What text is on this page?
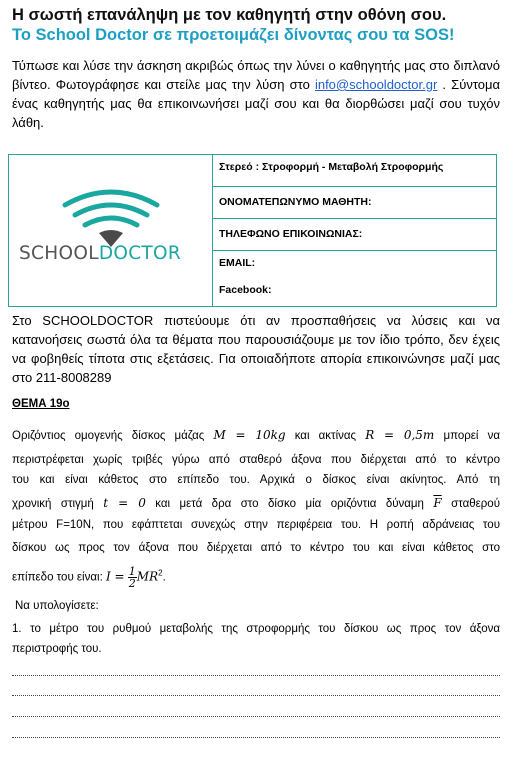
Η σωστή επανάληψη με τον καθηγητή στην οθόνη σου.
Το School Doctor σε προετοιμάζει δίνοντας σου τα SOS!
Τύπωσε και λύσε την άσκηση ακριβώς όπως την λύνει ο καθηγητής μας στο διπλανό βίντεο. Φωτογράφησε και στείλε μας την λύση στο info@schooldoctor.gr . Σύντομα ένας καθηγητής μας θα επικοινωνήσει μαζί σου και θα διορθώσει μαζί σου τυχόν λάθη.
SCHOOLDOCTOR
Στερεό : Στροφορμή - Μεταβολή Στροφορμής
ΟΝΟΜΑΤΕΠΩΝΥΜΟ ΜΑΘΗΤΗ:
ΤΗΛΕΦΩΝΟ ΕΠΙΚΟΙΝΩΝΙΑΣ:
EMAIL:
Facebook:
Στο SCHOOLDOCTOR πιστεύουμε ότι αν προσπαθήσεις να λύσεις και να κατανοήσεις σωστά όλα τα θέματα που παρουσιάζουμε με τον ίδιο τρόπο, δεν έχεις να φοβηθείς τίποτα στις εξετάσεις. Για οποιαδήποτε απορία επικοινώνησε μαζί μας στο 211-8008289
ΘΕΜΑ 19ο
Οριζόντιος ομογενής δίσκος μάζας M = 10kg και ακτίνας R = 0,5m μπορεί να
περιστρέφεται χωρίς τριβές γύρω από σταθερό άξονα που διέρχεται από το κέντρο
του και είναι κάθετος στο επίπεδο του. Αρχικά ο δίσκος είναι ακίνητος. Από τη
χρονική στιγμή t = 0 και μετά δρα στο δίσκο μία οριζόντια δύναμη $\overline{F}$ σταθερού
μέτρου F=10N, που εφάπτεται συνεχώς στην περιφέρεια του. Η ροπή αδράνειας του
δίσκου ως προς τον άξονα που διέρχεται από το κέντρο του και είναι κάθετος στο
επίπεδο του είναι: $I = \frac{1}{2} MR^2$.
Να υπολογίσετε:
1. το μέτρο του ρυθμού μεταβολής της στροφορμής του δίσκου ως προς τον άξονα
περιστροφής του.
